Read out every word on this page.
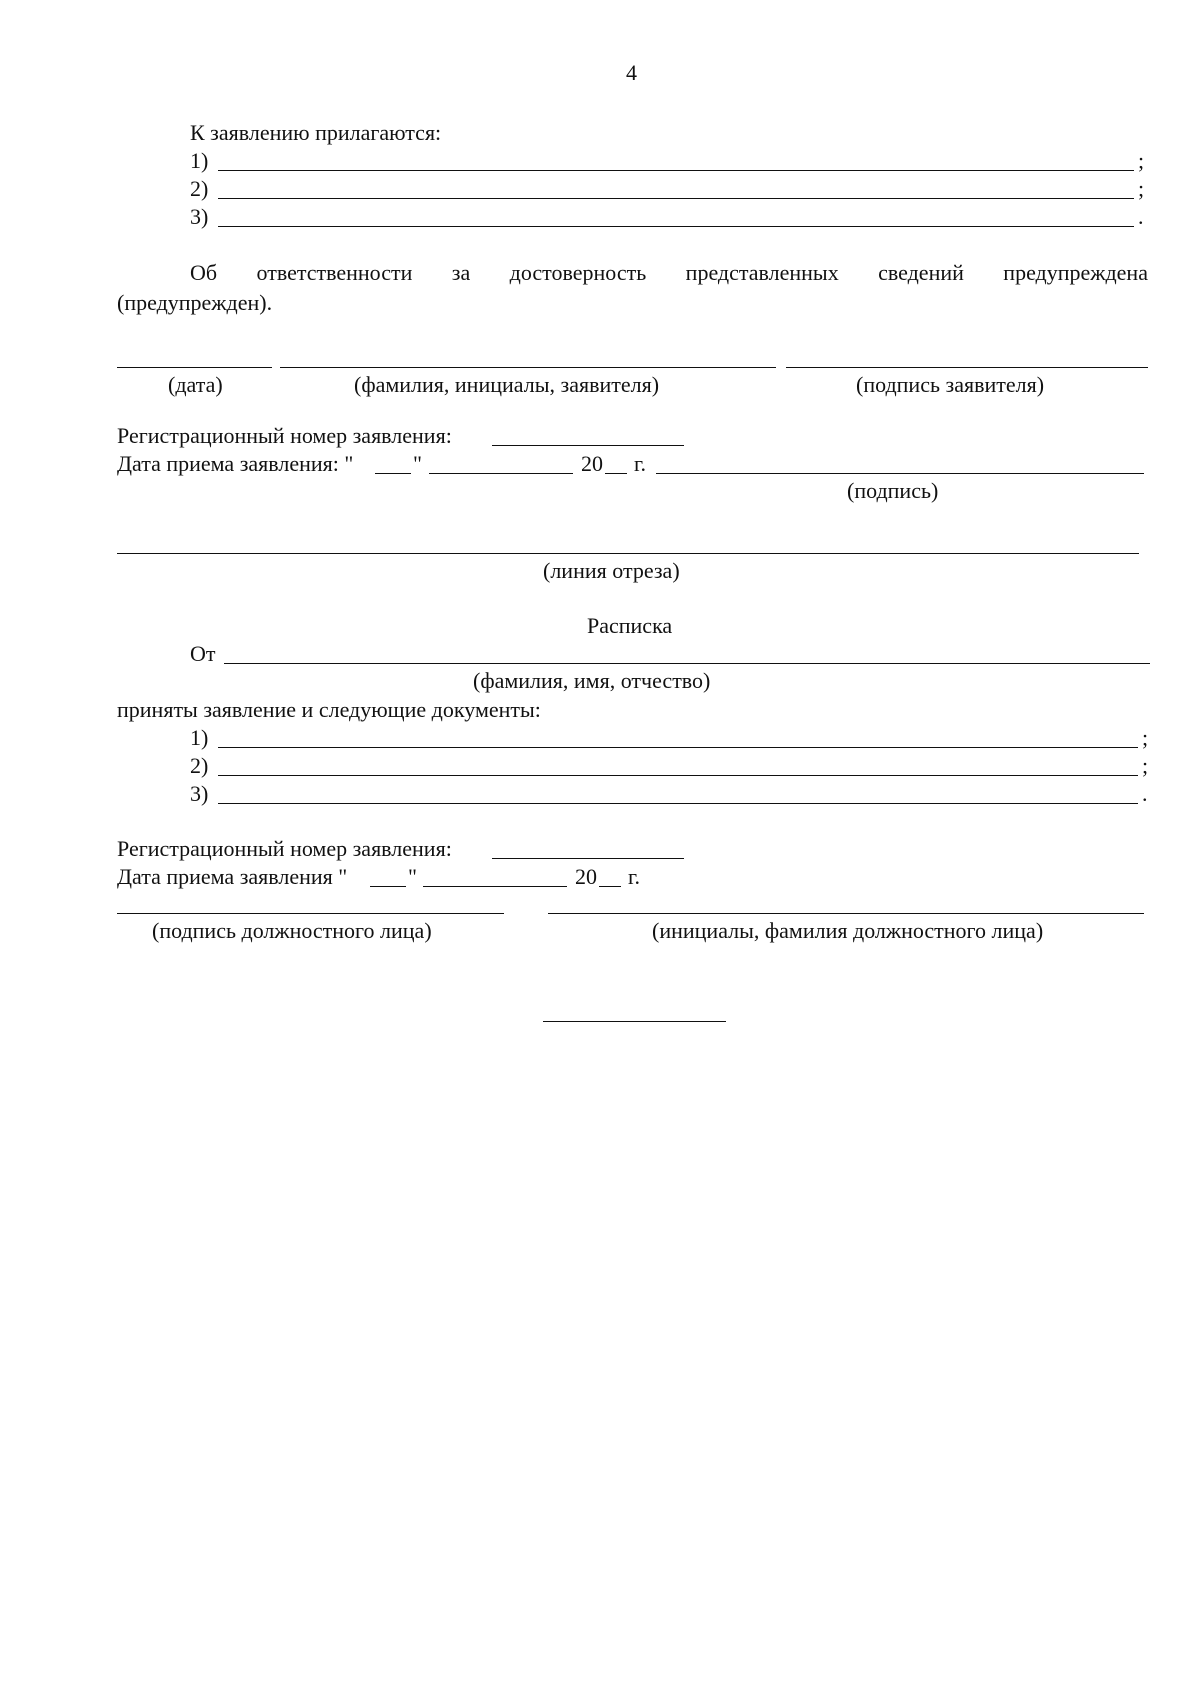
4
К заявлению прилагаются:
1)	;
2)	;
3)	.
Об ответственности за достоверность представленных сведений предупреждена
(предупрежден).
(дата)	(фамилия, инициалы, заявителя)	(подпись заявителя)
Регистрационный номер заявления:
Дата приема заявления: "	"	20 г.
(подпись)
(линия отреза)
Расписка
От
(фамилия, имя, отчество)
приняты заявление и следующие документы:
1)	;
2)	;
3)	.
Регистрационный номер заявления:
Дата приема заявления "	"	20 г.
(подпись должностного лица)	(инициалы, фамилия должностного лица)
